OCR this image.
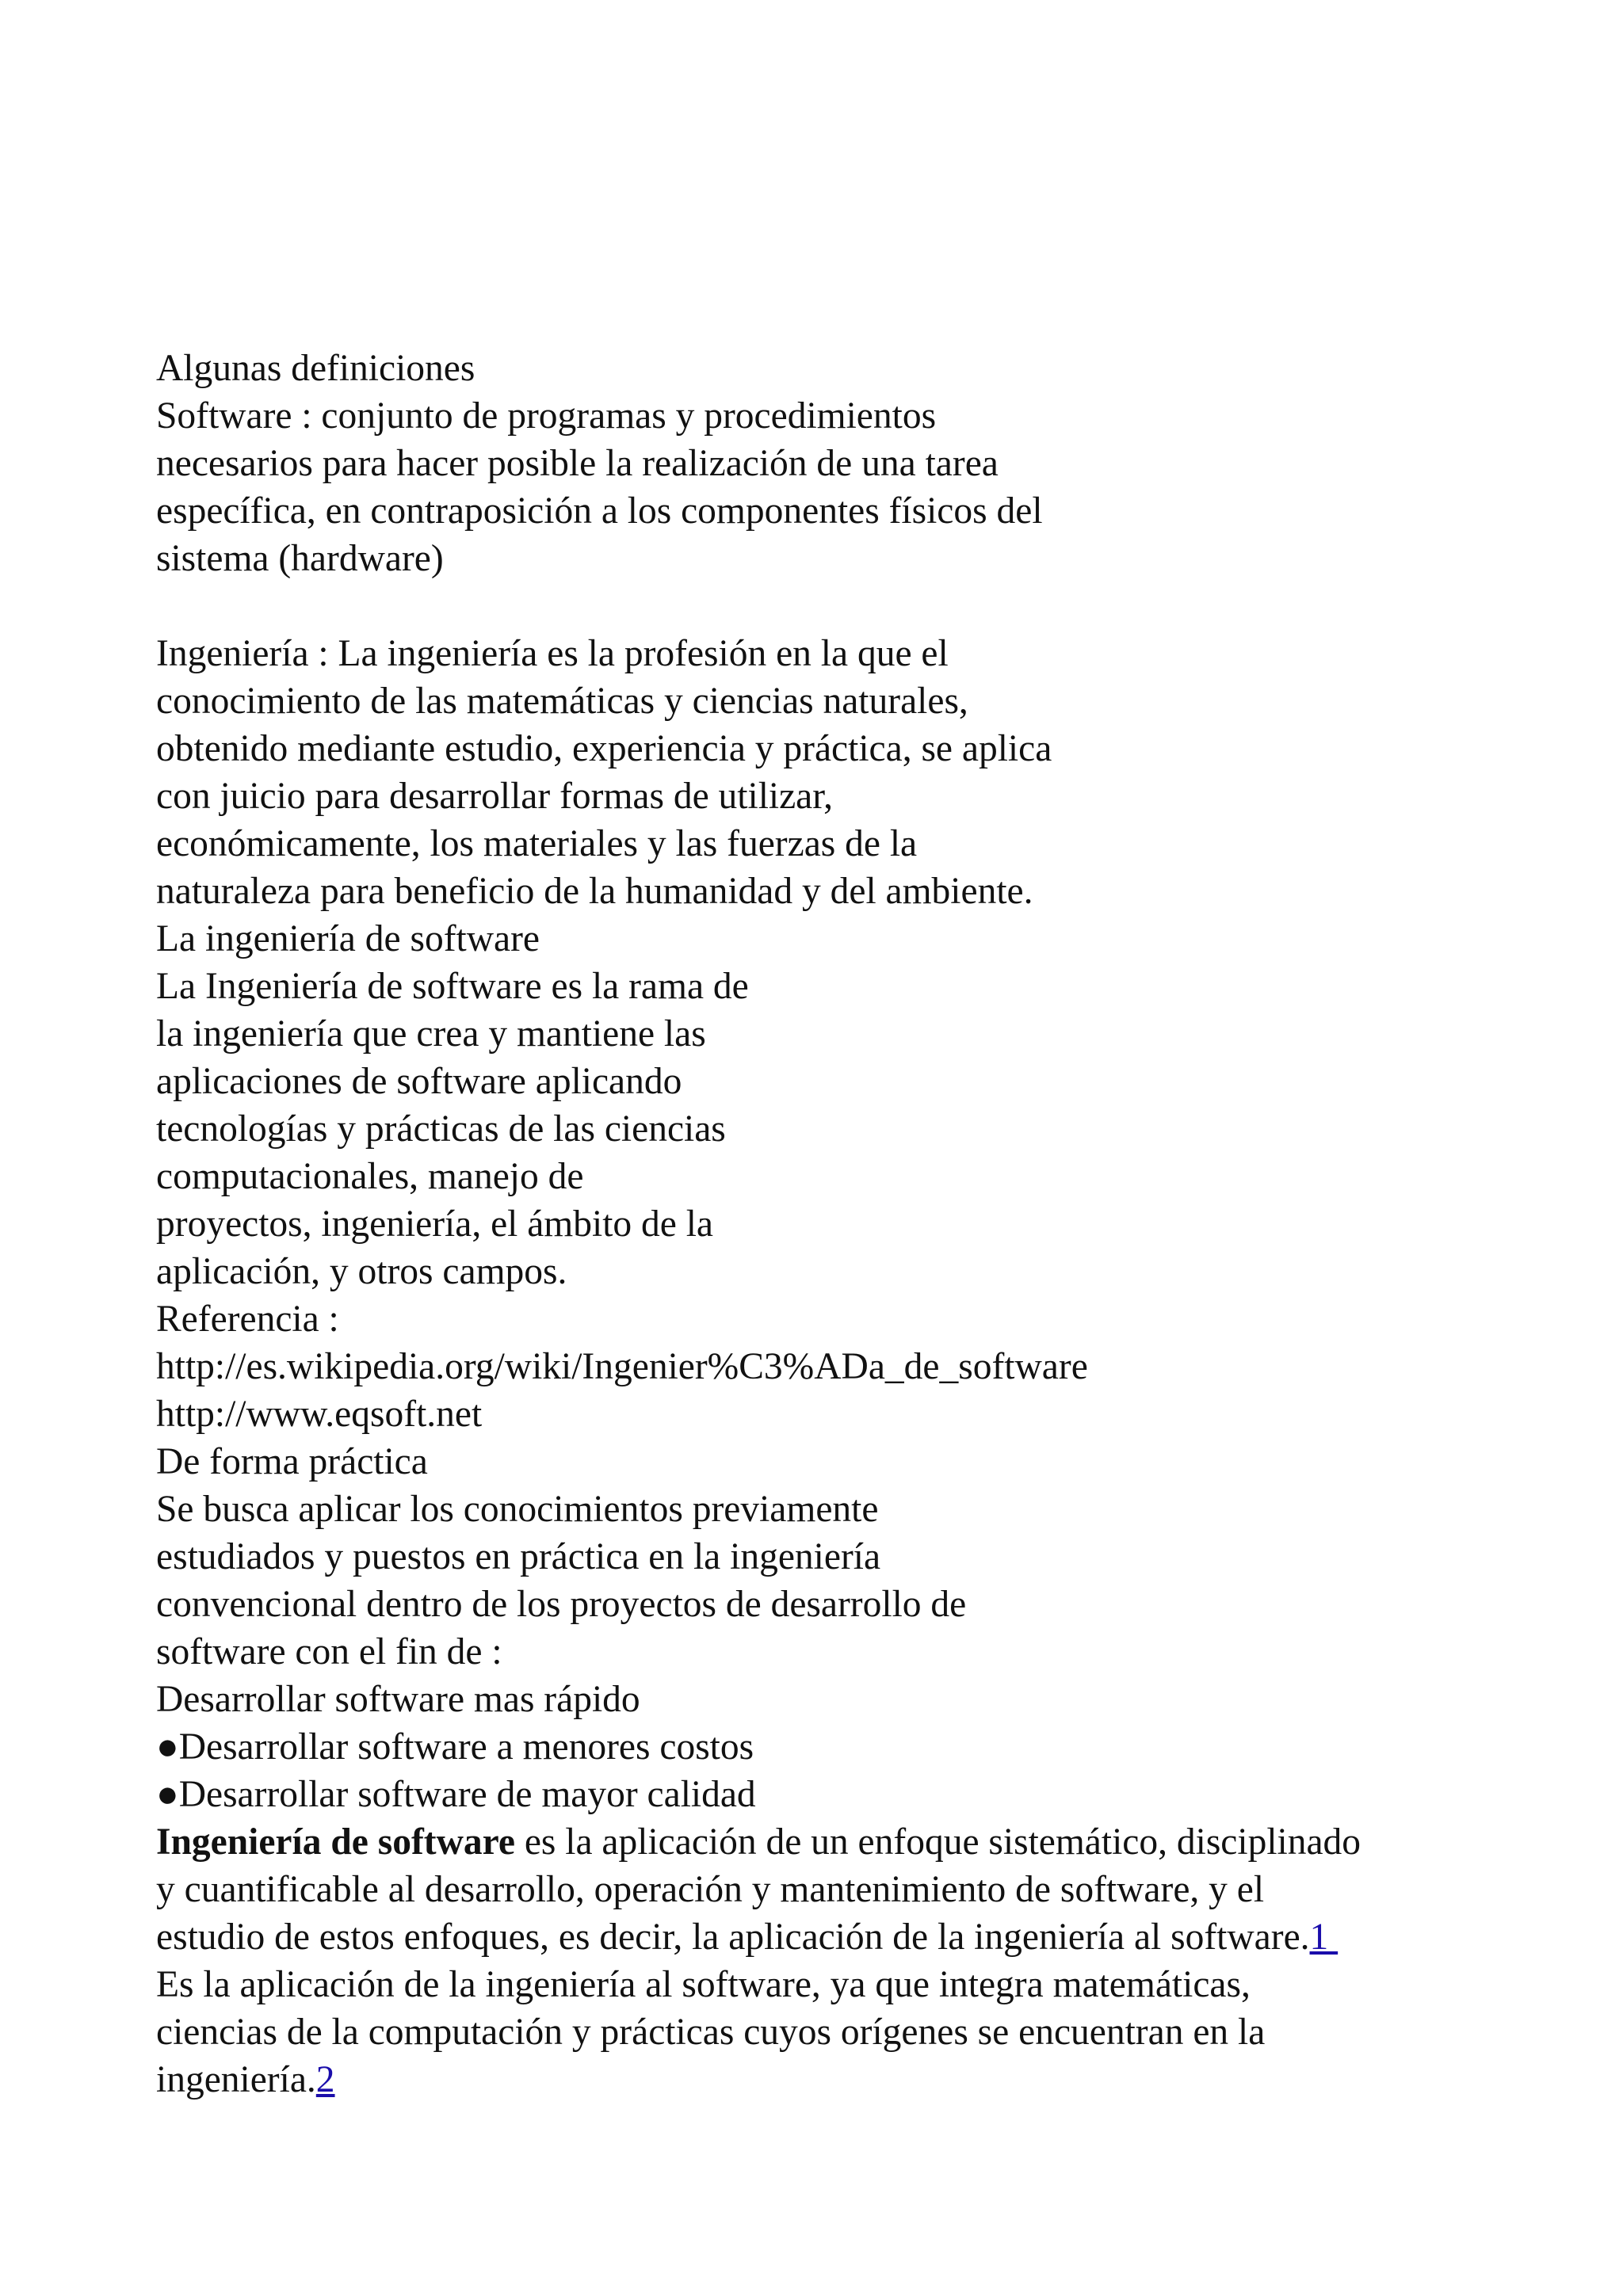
Algunas definiciones
Software : conjunto de programas y procedimientos
necesarios para hacer posible la realización de una tarea
específica, en contraposición a los componentes físicos del
sistema (hardware)
Ingeniería : La ingeniería es la profesión en la que el
conocimiento de las matemáticas y ciencias naturales,
obtenido mediante estudio, experiencia y práctica, se aplica
con juicio para desarrollar formas de utilizar,
económicamente, los materiales y las fuerzas de la
naturaleza para beneficio de la humanidad y del ambiente.
La ingeniería de software
La Ingeniería de software es la rama de
la ingeniería que crea y mantiene las
aplicaciones de software aplicando
tecnologías y prácticas de las ciencias
computacionales, manejo de
proyectos, ingeniería, el ámbito de la
aplicación, y otros campos.
Referencia :
http://es.wikipedia.org/wiki/Ingenier%C3%ADa_de_software
http://www.eqsoft.net
De forma práctica
Se busca aplicar los conocimientos previamente
estudiados y puestos en práctica en la ingeniería
convencional dentro de los proyectos de desarrollo de
software con el fin de :
Desarrollar software mas rápido
●Desarrollar software a menores costos
●Desarrollar software de mayor calidad
Ingeniería de software es la aplicación de un enfoque sistemático, disciplinado
y cuantificable al desarrollo, operación y mantenimiento de software, y el
estudio de estos enfoques, es decir, la aplicación de la ingeniería al software.1
Es la aplicación de la ingeniería al software, ya que integra matemáticas,
ciencias de la computación y prácticas cuyos orígenes se encuentran en la
ingeniería.2
